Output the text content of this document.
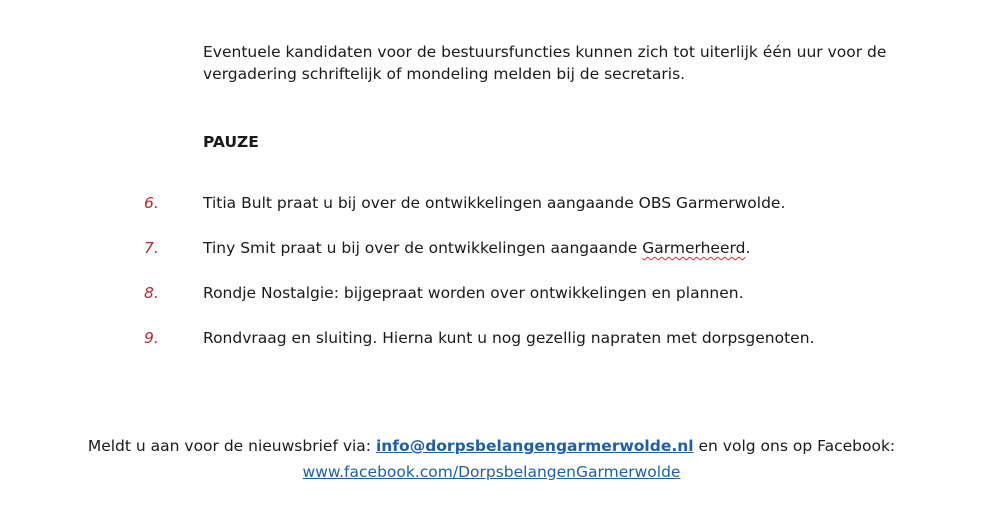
Eventuele kandidaten voor de bestuursfuncties kunnen zich tot uiterlijk één uur voor de
vergadering schriftelijk of mondeling melden bij de secretaris.
PAUZE
6.	Titia Bult praat u bij over de ontwikkelingen aangaande OBS Garmerwolde.
7.	Tiny Smit praat u bij over de ontwikkelingen aangaande Garmerheerd.
8.	Rondje Nostalgie: bijgepraat worden over ontwikkelingen en plannen.
9.	Rondvraag en sluiting. Hierna kunt u nog gezellig napraten met dorpsgenoten.
Meldt u aan voor de nieuwsbrief via: info@dorpsbelangengarmerwolde.nl en volg ons op Facebook:
www.facebook.com/DorpsbelangenGarmerwolde
